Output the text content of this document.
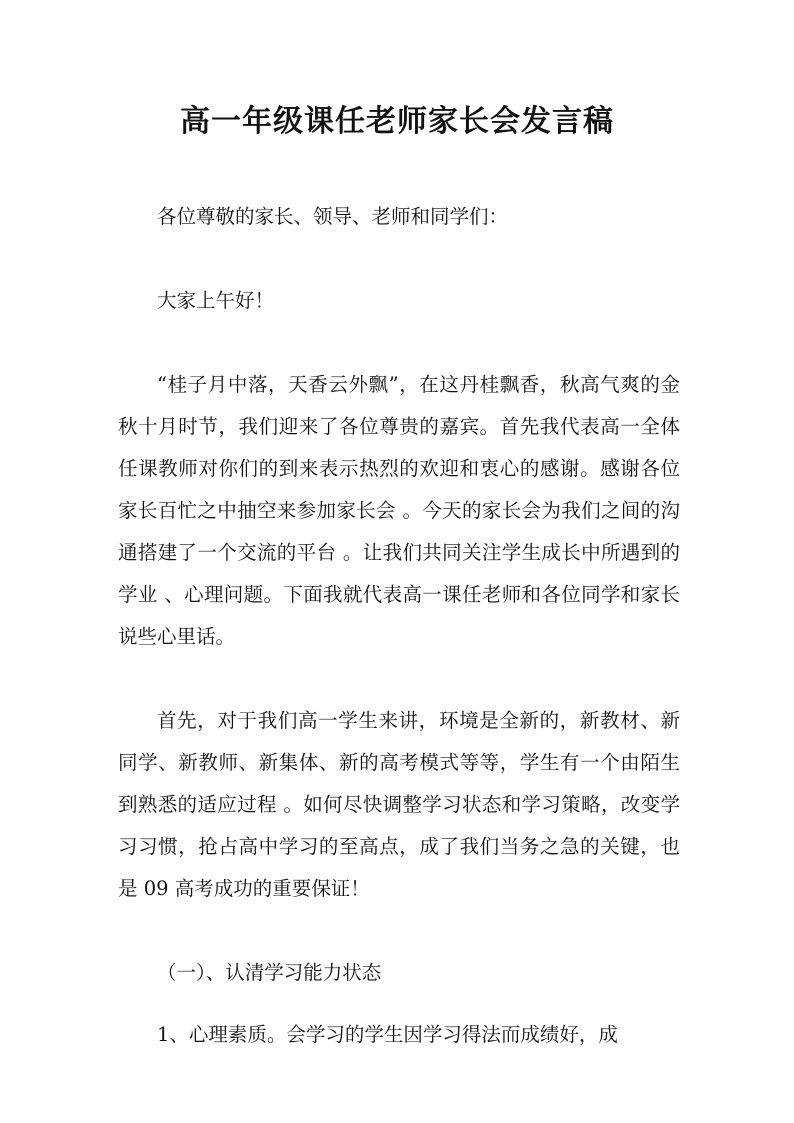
高一年级课任老师家长会发言稿

各位尊敬的家长、领导、老师和同学们：

大家上午好！

“桂子月中落，天香云外飘”，在这丹桂飘香，秋高气爽的金秋十月时节，我们迎来了各位尊贵的嘉宾。首先我代表高一全体任课教师对你们的到来表示热烈的欢迎和衷心的感谢。感谢各位家长百忙之中抽空来参加家长会 。今天的家长会为我们之间的沟通搭建了一个交流的平台 。让我们共同关注学生成长中所遇到的学业 、心理问题。下面我就代表高一课任老师和各位同学和家长说些心里话。

首先，对于我们高一学生来讲，环境是全新的，新教材、新同学、新教师、新集体、新的高考模式等等，学生有一个由陌生到熟悉的适应过程 。如何尽快调整学习状态和学习策略，改变学习习惯，抢占高中学习的至高点，成了我们当务之急的关键，也是 09 高考成功的重要保证！

（一）、认清学习能力状态

1、心理素质。会学习的学生因学习得法而成绩好，成
